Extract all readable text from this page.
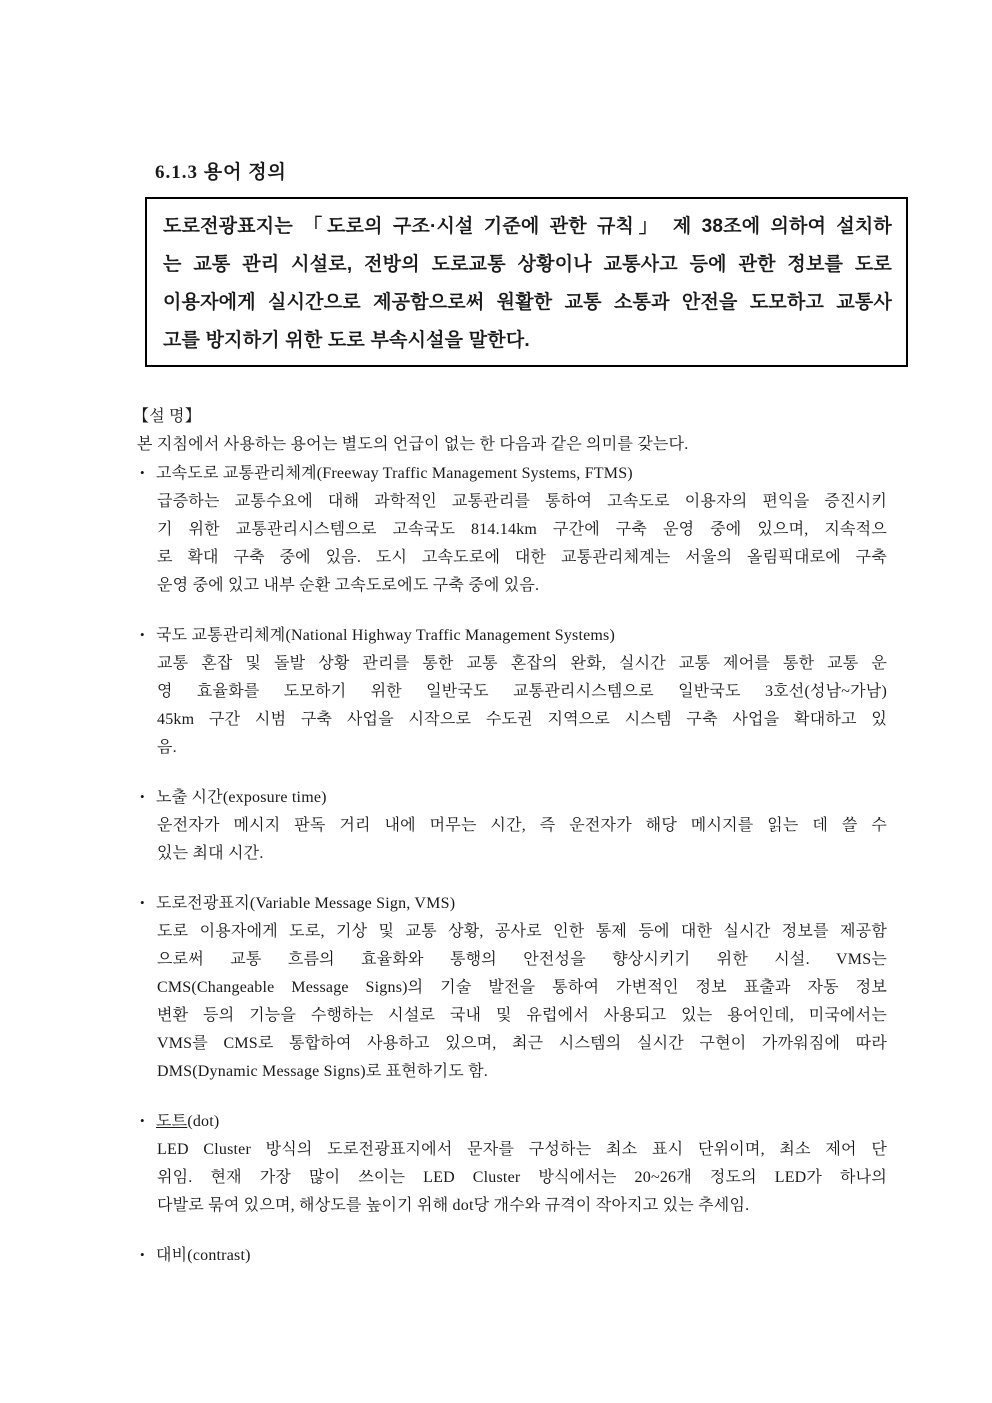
6.1.3 용어 정의
도로전광표지는 「도로의 구조·시설 기준에 관한 규칙」 제 38조에 의하여 설치하
는 교통 관리 시설로, 전방의 도로교통 상황이나 교통사고 등에 관한 정보를 도로
이용자에게 실시간으로 제공함으로써 원활한 교통 소통과 안전을 도모하고 교통사
고를 방지하기 위한 도로 부속시설을 말한다.
【설 명】
본 지침에서 사용하는 용어는 별도의 언급이 없는 한 다음과 같은 의미를 갖는다.
• 고속도로 교통관리체계(Freeway Traffic Management Systems, FTMS)
급증하는 교통수요에 대해 과학적인 교통관리를 통하여 고속도로 이용자의 편익을 증진시키
기 위한 교통관리시스템으로 고속국도 814.14km 구간에 구축 운영 중에 있으며, 지속적으
로 확대 구축 중에 있음. 도시 고속도로에 대한 교통관리체계는 서울의 올림픽대로에 구축
운영 중에 있고 내부 순환 고속도로에도 구축 중에 있음.
• 국도 교통관리체계(National Highway Traffic Management Systems)
교통 혼잡 및 돌발 상황 관리를 통한 교통 혼잡의 완화, 실시간 교통 제어를 통한 교통 운
영 효율화를 도모하기 위한 일반국도 교통관리시스템으로 일반국도 3호선(성남~가남)
45km 구간 시범 구축 사업을 시작으로 수도권 지역으로 시스템 구축 사업을 확대하고 있
음.
• 노출 시간(exposure time)
운전자가 메시지 판독 거리 내에 머무는 시간, 즉 운전자가 해당 메시지를 읽는 데 쓸 수
있는 최대 시간.
• 도로전광표지(Variable Message Sign, VMS)
도로 이용자에게 도로, 기상 및 교통 상황, 공사로 인한 통제 등에 대한 실시간 정보를 제공함
으로써 교통 흐름의 효율화와 통행의 안전성을 향상시키기 위한 시설. VMS는
CMS(Changeable Message Signs)의 기술 발전을 통하여 가변적인 정보 표출과 자동 정보
변환 등의 기능을 수행하는 시설로 국내 및 유럽에서 사용되고 있는 용어인데, 미국에서는
VMS를 CMS로 통합하여 사용하고 있으며, 최근 시스템의 실시간 구현이 가까워짐에 따라
DMS(Dynamic Message Signs)로 표현하기도 함.
• 도트(dot)
LED Cluster 방식의 도로전광표지에서 문자를 구성하는 최소 표시 단위이며, 최소 제어 단
위임. 현재 가장 많이 쓰이는 LED Cluster 방식에서는 20~26개 정도의 LED가 하나의
다발로 묶여 있으며, 해상도를 높이기 위해 dot당 개수와 규격이 작아지고 있는 추세임.
• 대비(contrast)
